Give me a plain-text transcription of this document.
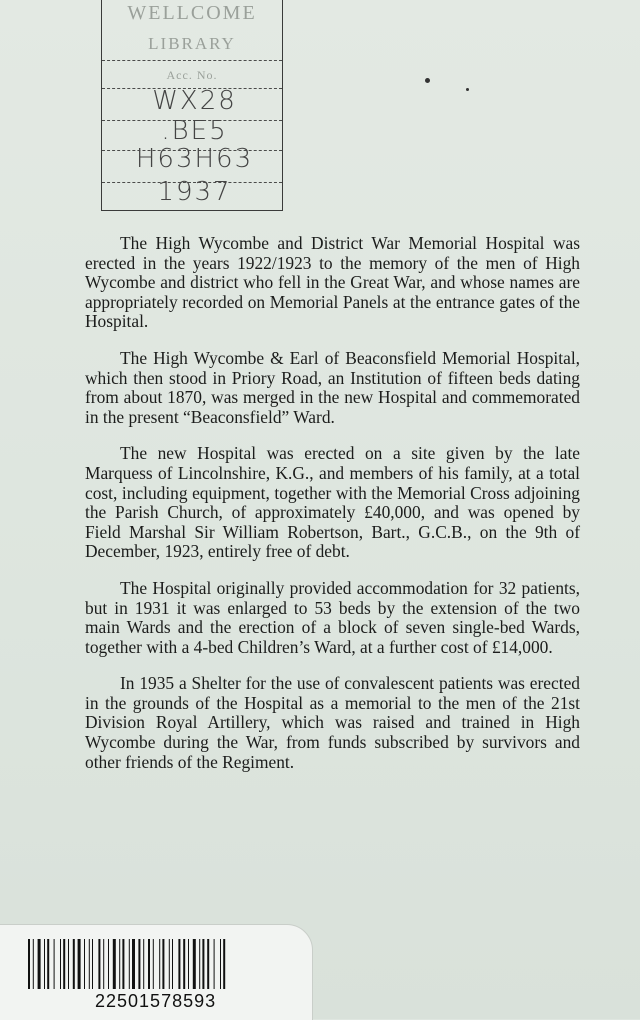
WELLCOME
LIBRARY
Acc. No.
WX28
.BE5
H63H63
1937

The High Wycombe and District War Memorial Hospital was erected in the years 1922/1923 to the memory of the men of High Wycombe and district who fell in the Great War, and whose names are appropriately recorded on Memorial Panels at the entrance gates of the Hospital.

The High Wycombe & Earl of Beaconsfield Memorial Hospital, which then stood in Priory Road, an Institution of fifteen beds dating from about 1870, was merged in the new Hospital and commemorated in the present “Beaconsfield” Ward.

The new Hospital was erected on a site given by the late Marquess of Lincolnshire, K.G., and members of his family, at a total cost, including equipment, together with the Memorial Cross adjoining the Parish Church, of approximately £40,000, and was opened by Field Marshal Sir William Robertson, Bart., G.C.B., on the 9th of December, 1923, entirely free of debt.

The Hospital originally provided accommodation for 32 patients, but in 1931 it was enlarged to 53 beds by the extension of the two main Wards and the erection of a block of seven single-bed Wards, together with a 4-bed Children’s Ward, at a further cost of £14,000.

In 1935 a Shelter for the use of convalescent patients was erected in the grounds of the Hospital as a memorial to the men of the 21st Division Royal Artillery, which was raised and trained in High Wycombe during the War, from funds subscribed by survivors and other friends of the Regiment.

22501578593
